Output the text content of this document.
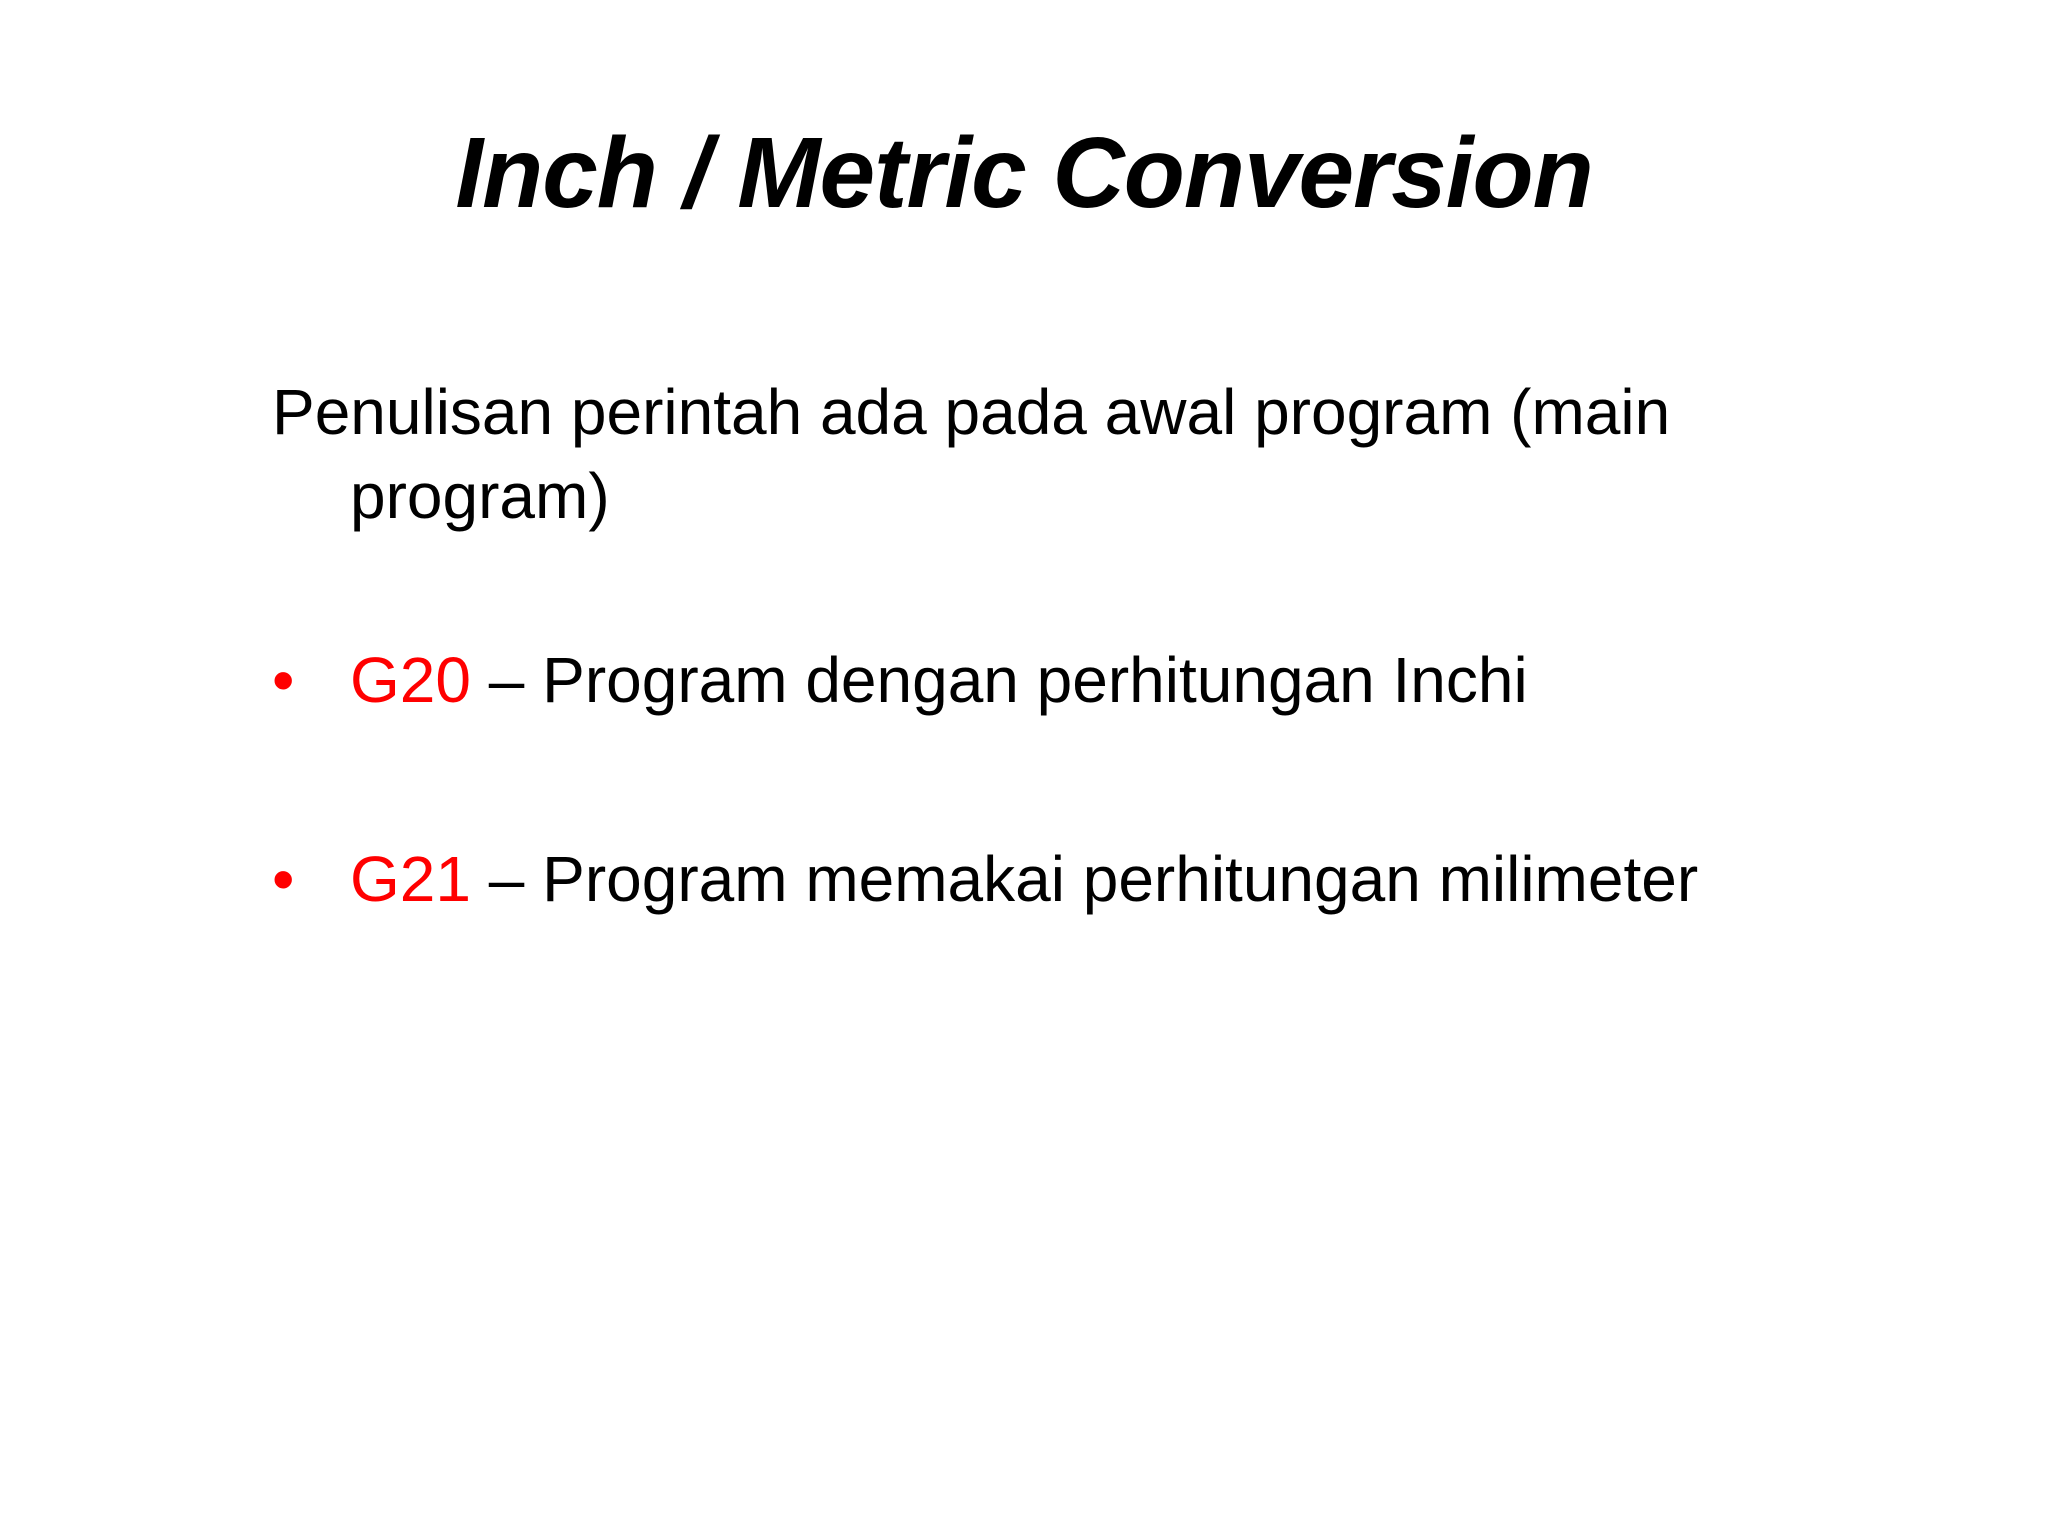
Inch / Metric Conversion

Penulisan perintah ada pada awal program (main program)

• G20 – Program dengan perhitungan Inchi
• G21 – Program memakai perhitungan milimeter
